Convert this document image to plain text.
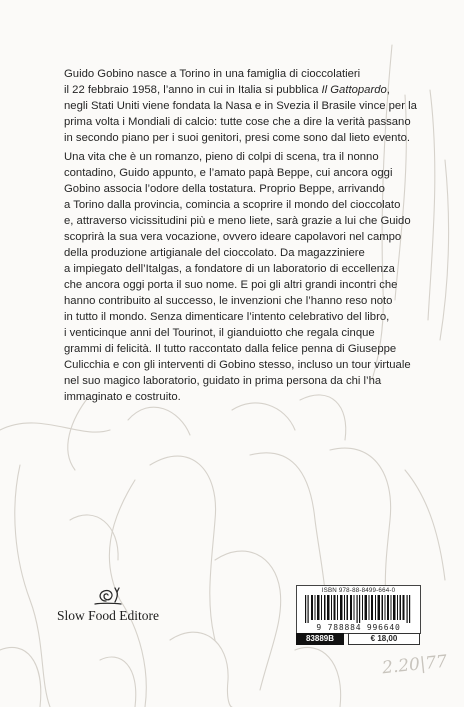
Guido Gobino nasce a Torino in una famiglia di cioccolatieri
il 22 febbraio 1958, l’anno in cui in Italia si pubblica Il Gattopardo,
negli Stati Uniti viene fondata la Nasa e in Svezia il Brasile vince per la
prima volta i Mondiali di calcio: tutte cose che a dire la verità passano
in secondo piano per i suoi genitori, presi come sono dal lieto evento.

Una vita che è un romanzo, pieno di colpi di scena, tra il nonno
contadino, Guido appunto, e l’amato papà Beppe, cui ancora oggi
Gobino associa l’odore della tostatura. Proprio Beppe, arrivando
a Torino dalla provincia, comincia a scoprire il mondo del cioccolato
e, attraverso vicissitudini più e meno liete, sarà grazie a lui che Guido
scoprirà la sua vera vocazione, ovvero ideare capolavori nel campo
della produzione artigianale del cioccolato. Da magazziniere
a impiegato dell’Italgas, a fondatore di un laboratorio di eccellenza
che ancora oggi porta il suo nome. E poi gli altri grandi incontri che
hanno contribuito al successo, le invenzioni che l’hanno reso noto
in tutto il mondo. Senza dimenticare l’intento celebrativo del libro,
i venticinque anni del Tourinot, il gianduiotto che regala cinque
grammi di felicità. Il tutto raccontato dalla felice penna di Giuseppe
Culicchia e con gli interventi di Gobino stesso, incluso un tour virtuale
nel suo magico laboratorio, guidato in prima persona da chi l’ha
immaginato e costruito.

Slow Food Editore
ISBN 978-88-8499-664-0
9 788884 996640
83889B	€ 18,00
2.20|77
